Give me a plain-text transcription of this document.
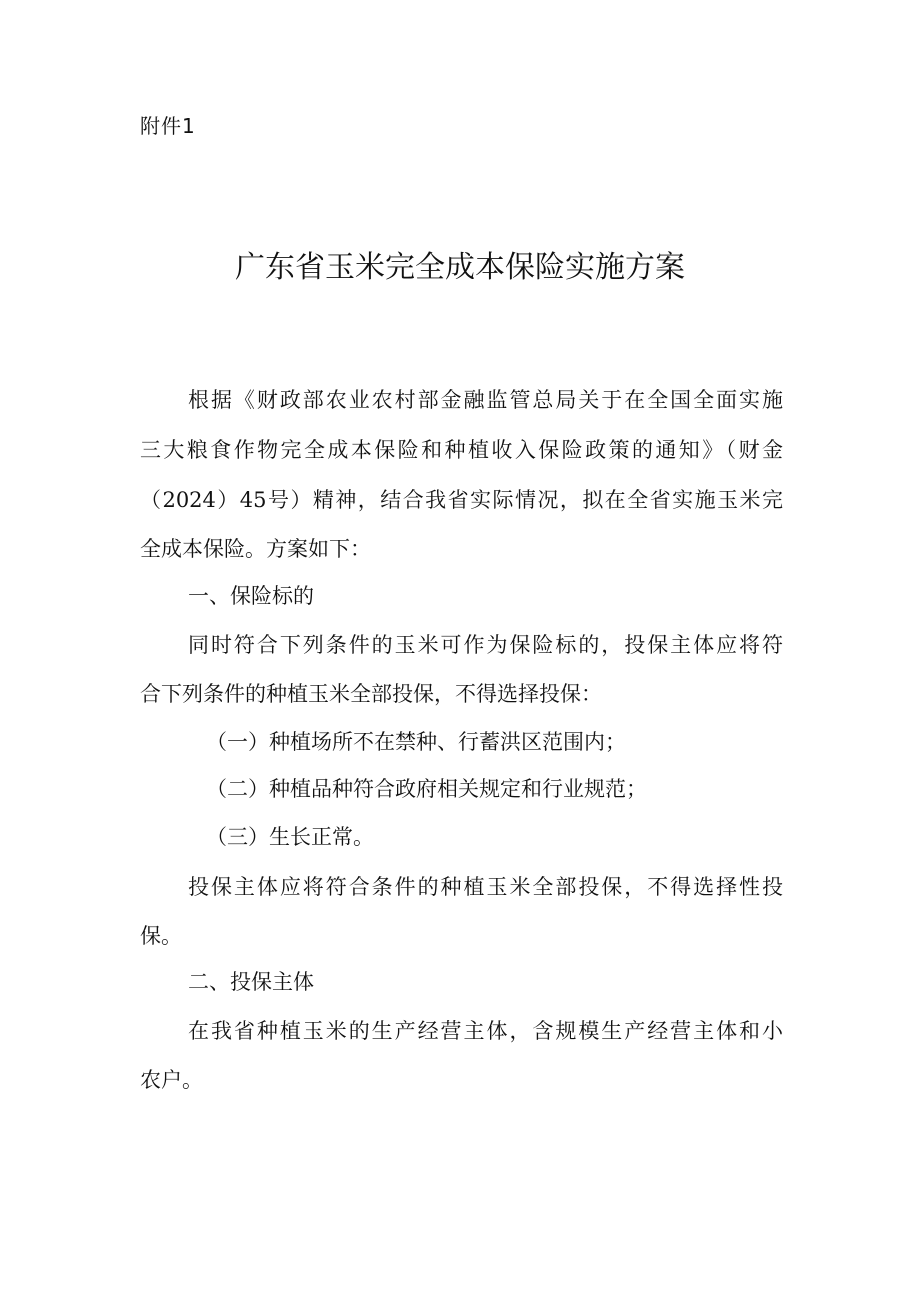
附件1
广东省玉米完全成本保险实施方案
根据《财政部农业农村部金融监管总局关于在全国全面实施
三大粮食作物完全成本保险和种植收入保险政策的通知》（财金
（2024）45号）精神，结合我省实际情况，拟在全省实施玉米完
全成本保险。方案如下：
一、保险标的
同时符合下列条件的玉米可作为保险标的，投保主体应将符
合下列条件的种植玉米全部投保，不得选择投保：
（一）种植场所不在禁种、行蓄洪区范围内；
（二）种植品种符合政府相关规定和行业规范；
（三）生长正常。
投保主体应将符合条件的种植玉米全部投保，不得选择性投
保。
二、投保主体
在我省种植玉米的生产经营主体，含规模生产经营主体和小
农户。
